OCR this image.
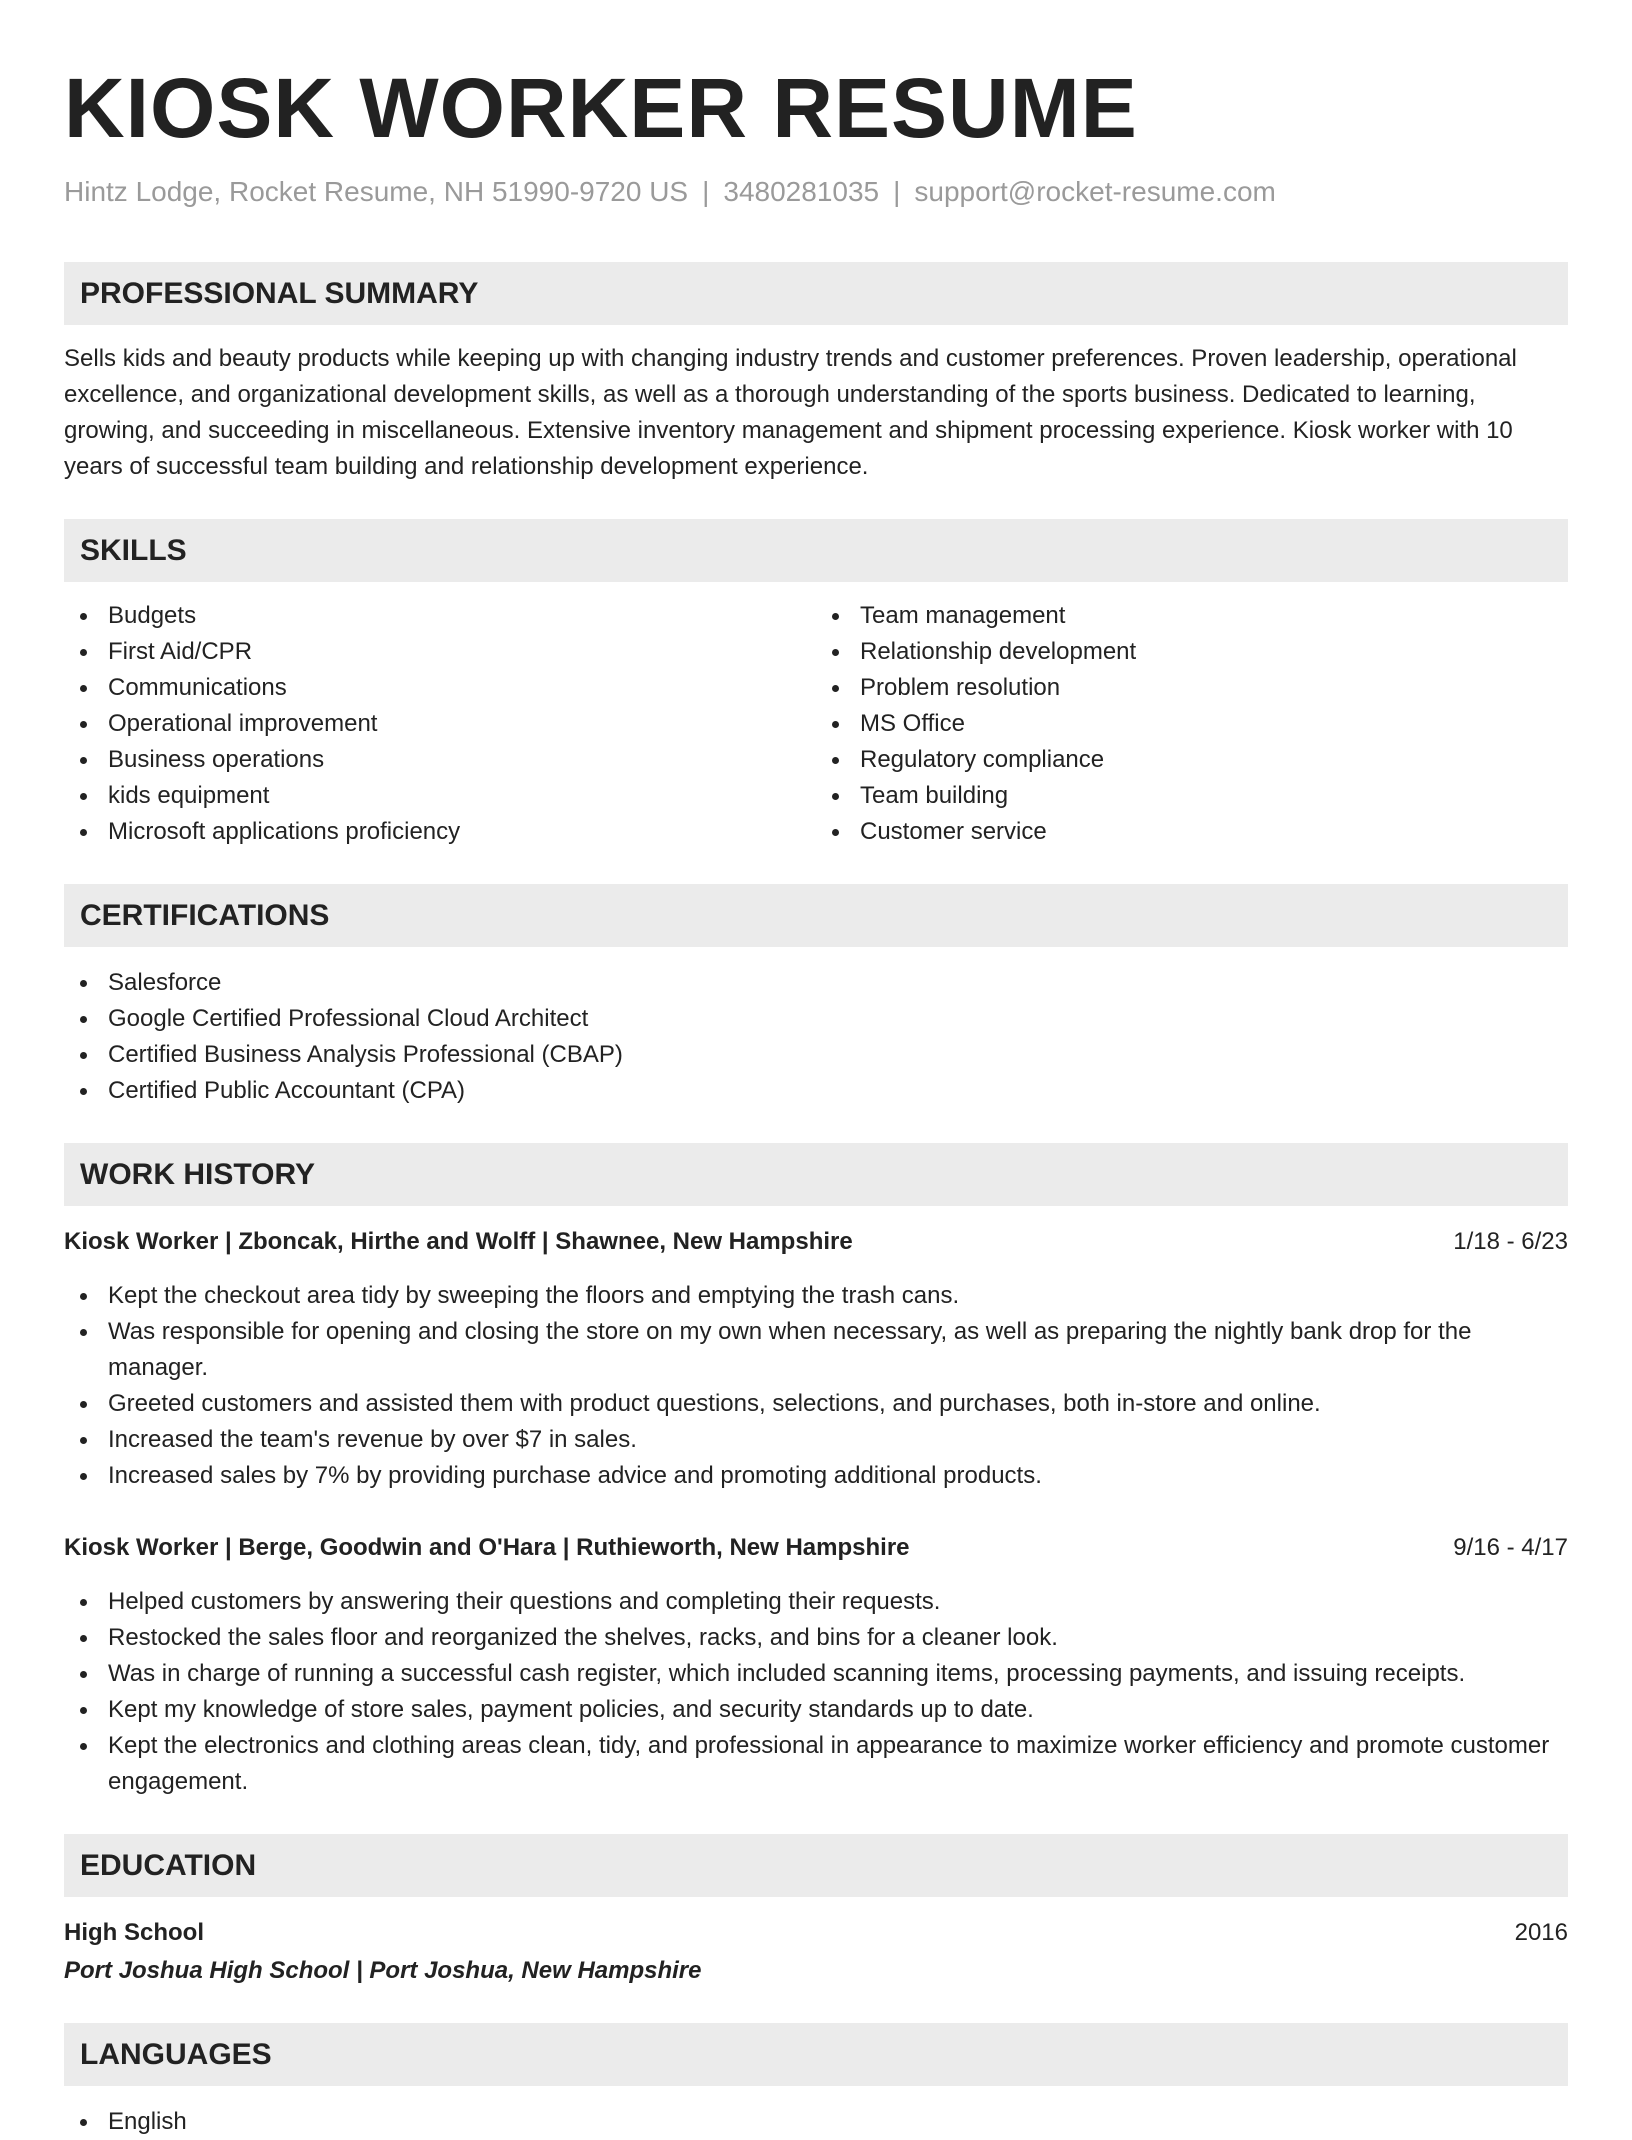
KIOSK WORKER RESUME
Hintz Lodge, Rocket Resume, NH 51990-9720 US | 3480281035 | support@rocket-resume.com
PROFESSIONAL SUMMARY

Sells kids and beauty products while keeping up with changing industry trends and customer preferences. Proven leadership, operational excellence, and organizational development skills, as well as a thorough understanding of the sports business. Dedicated to learning, growing, and succeeding in miscellaneous. Extensive inventory management and shipment processing experience. Kiosk worker with 10 years of successful team building and relationship development experience.

SKILLS
Budgets
First Aid/CPR
Communications
Operational improvement
Business operations
kids equipment
Microsoft applications proficiency
Team management
Relationship development
Problem resolution
MS Office
Regulatory compliance
Team building
Customer service
CERTIFICATIONS
Salesforce
Google Certified Professional Cloud Architect
Certified Business Analysis Professional (CBAP)
Certified Public Accountant (CPA)
WORK HISTORY
Kiosk Worker | Zboncak, Hirthe and Wolff | Shawnee, New Hampshire	1/18 - 6/23
Kept the checkout area tidy by sweeping the floors and emptying the trash cans.
Was responsible for opening and closing the store on my own when necessary, as well as preparing the nightly bank drop for the manager.
Greeted customers and assisted them with product questions, selections, and purchases, both in-store and online.
Increased the team's revenue by over $7 in sales.
Increased sales by 7% by providing purchase advice and promoting additional products.
Kiosk Worker | Berge, Goodwin and O'Hara | Ruthieworth, New Hampshire	9/16 - 4/17
Helped customers by answering their questions and completing their requests.
Restocked the sales floor and reorganized the shelves, racks, and bins for a cleaner look.
Was in charge of running a successful cash register, which included scanning items, processing payments, and issuing receipts.
Kept my knowledge of store sales, payment policies, and security standards up to date.
Kept the electronics and clothing areas clean, tidy, and professional in appearance to maximize worker efficiency and promote customer engagement.
EDUCATION
High School	2016
Port Joshua High School | Port Joshua, New Hampshire
LANGUAGES
English
